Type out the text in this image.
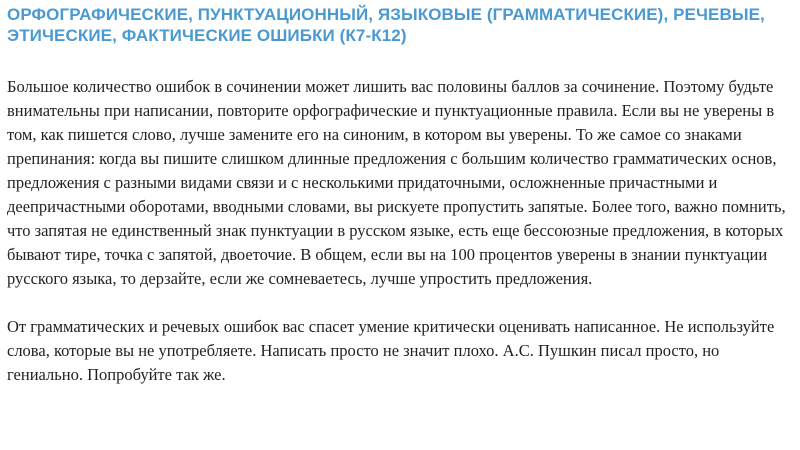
ОРФОГРАФИЧЕСКИЕ, ПУНКТУАЦИОННЫЙ, ЯЗЫКОВЫЕ (ГРАММАТИЧЕСКИЕ), РЕЧЕВЫЕ, ЭТИЧЕСКИЕ, ФАКТИЧЕСКИЕ ОШИБКИ (К7-К12)

Большое количество ошибок в сочинении может лишить вас половины баллов за сочинение. Поэтому будьте внимательны при написании, повторите орфографические и пунктуационные правила. Если вы не уверены в том, как пишется слово, лучше замените его на синоним, в котором вы уверены. То же самое со знаками препинания: когда вы пишите слишком длинные предложения с большим количество грамматических основ, предложения с разными видами связи и с несколькими придаточными, осложненные причастными и деепричастными оборотами, вводными словами, вы рискуете пропустить запятые. Более того, важно помнить, что запятая не единственный знак пунктуации в русском языке, есть еще бессоюзные предложения, в которых бывают тире, точка с запятой, двоеточие. В общем, если вы на 100 процентов уверены в знании пунктуации русского языка, то дерзайте, если же сомневаетесь, лучше упростить предложения.

От грамматических и речевых ошибок вас спасет умение критически оценивать написанное. Не используйте слова, которые вы не употребляете. Написать просто не значит плохо. А.С. Пушкин писал просто, но гениально. Попробуйте так же.
